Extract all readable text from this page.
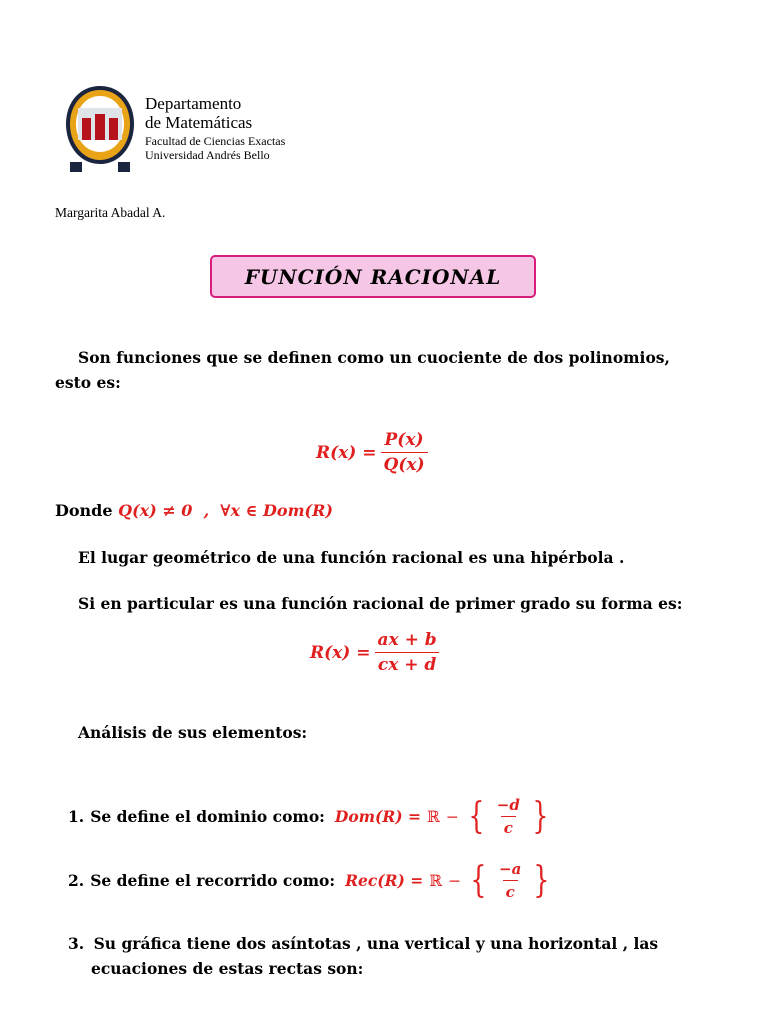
Departamento
de Matemáticas
Facultad de Ciencias Exactas
Universidad Andrés Bello
Margarita Abadal A.
FUNCIÓN RACIONAL
Son funciones que se definen como un cuociente de dos polinomios,
esto es:
$R(x) = \frac{P(x)}{Q(x)}$
Donde Q(x) ≠ 0  ,  ∀x ∈ Dom(R)
El lugar geométrico de una función racional es una hipérbola .
Si en particular es una función racional de primer grado su forma es:
$R(x) = \frac{ax + b}{cx + d}$
Análisis de sus elementos:
1. Se define el dominio como: Dom(R) = ℝ − { $\frac{-d}{c}$ }
2. Se define el recorrido como: Rec(R) = ℝ − { $\frac{-a}{c}$ }
3. Su gráfica tiene dos asíntotas , una vertical y una horizontal , las
ecuaciones de estas rectas son:
